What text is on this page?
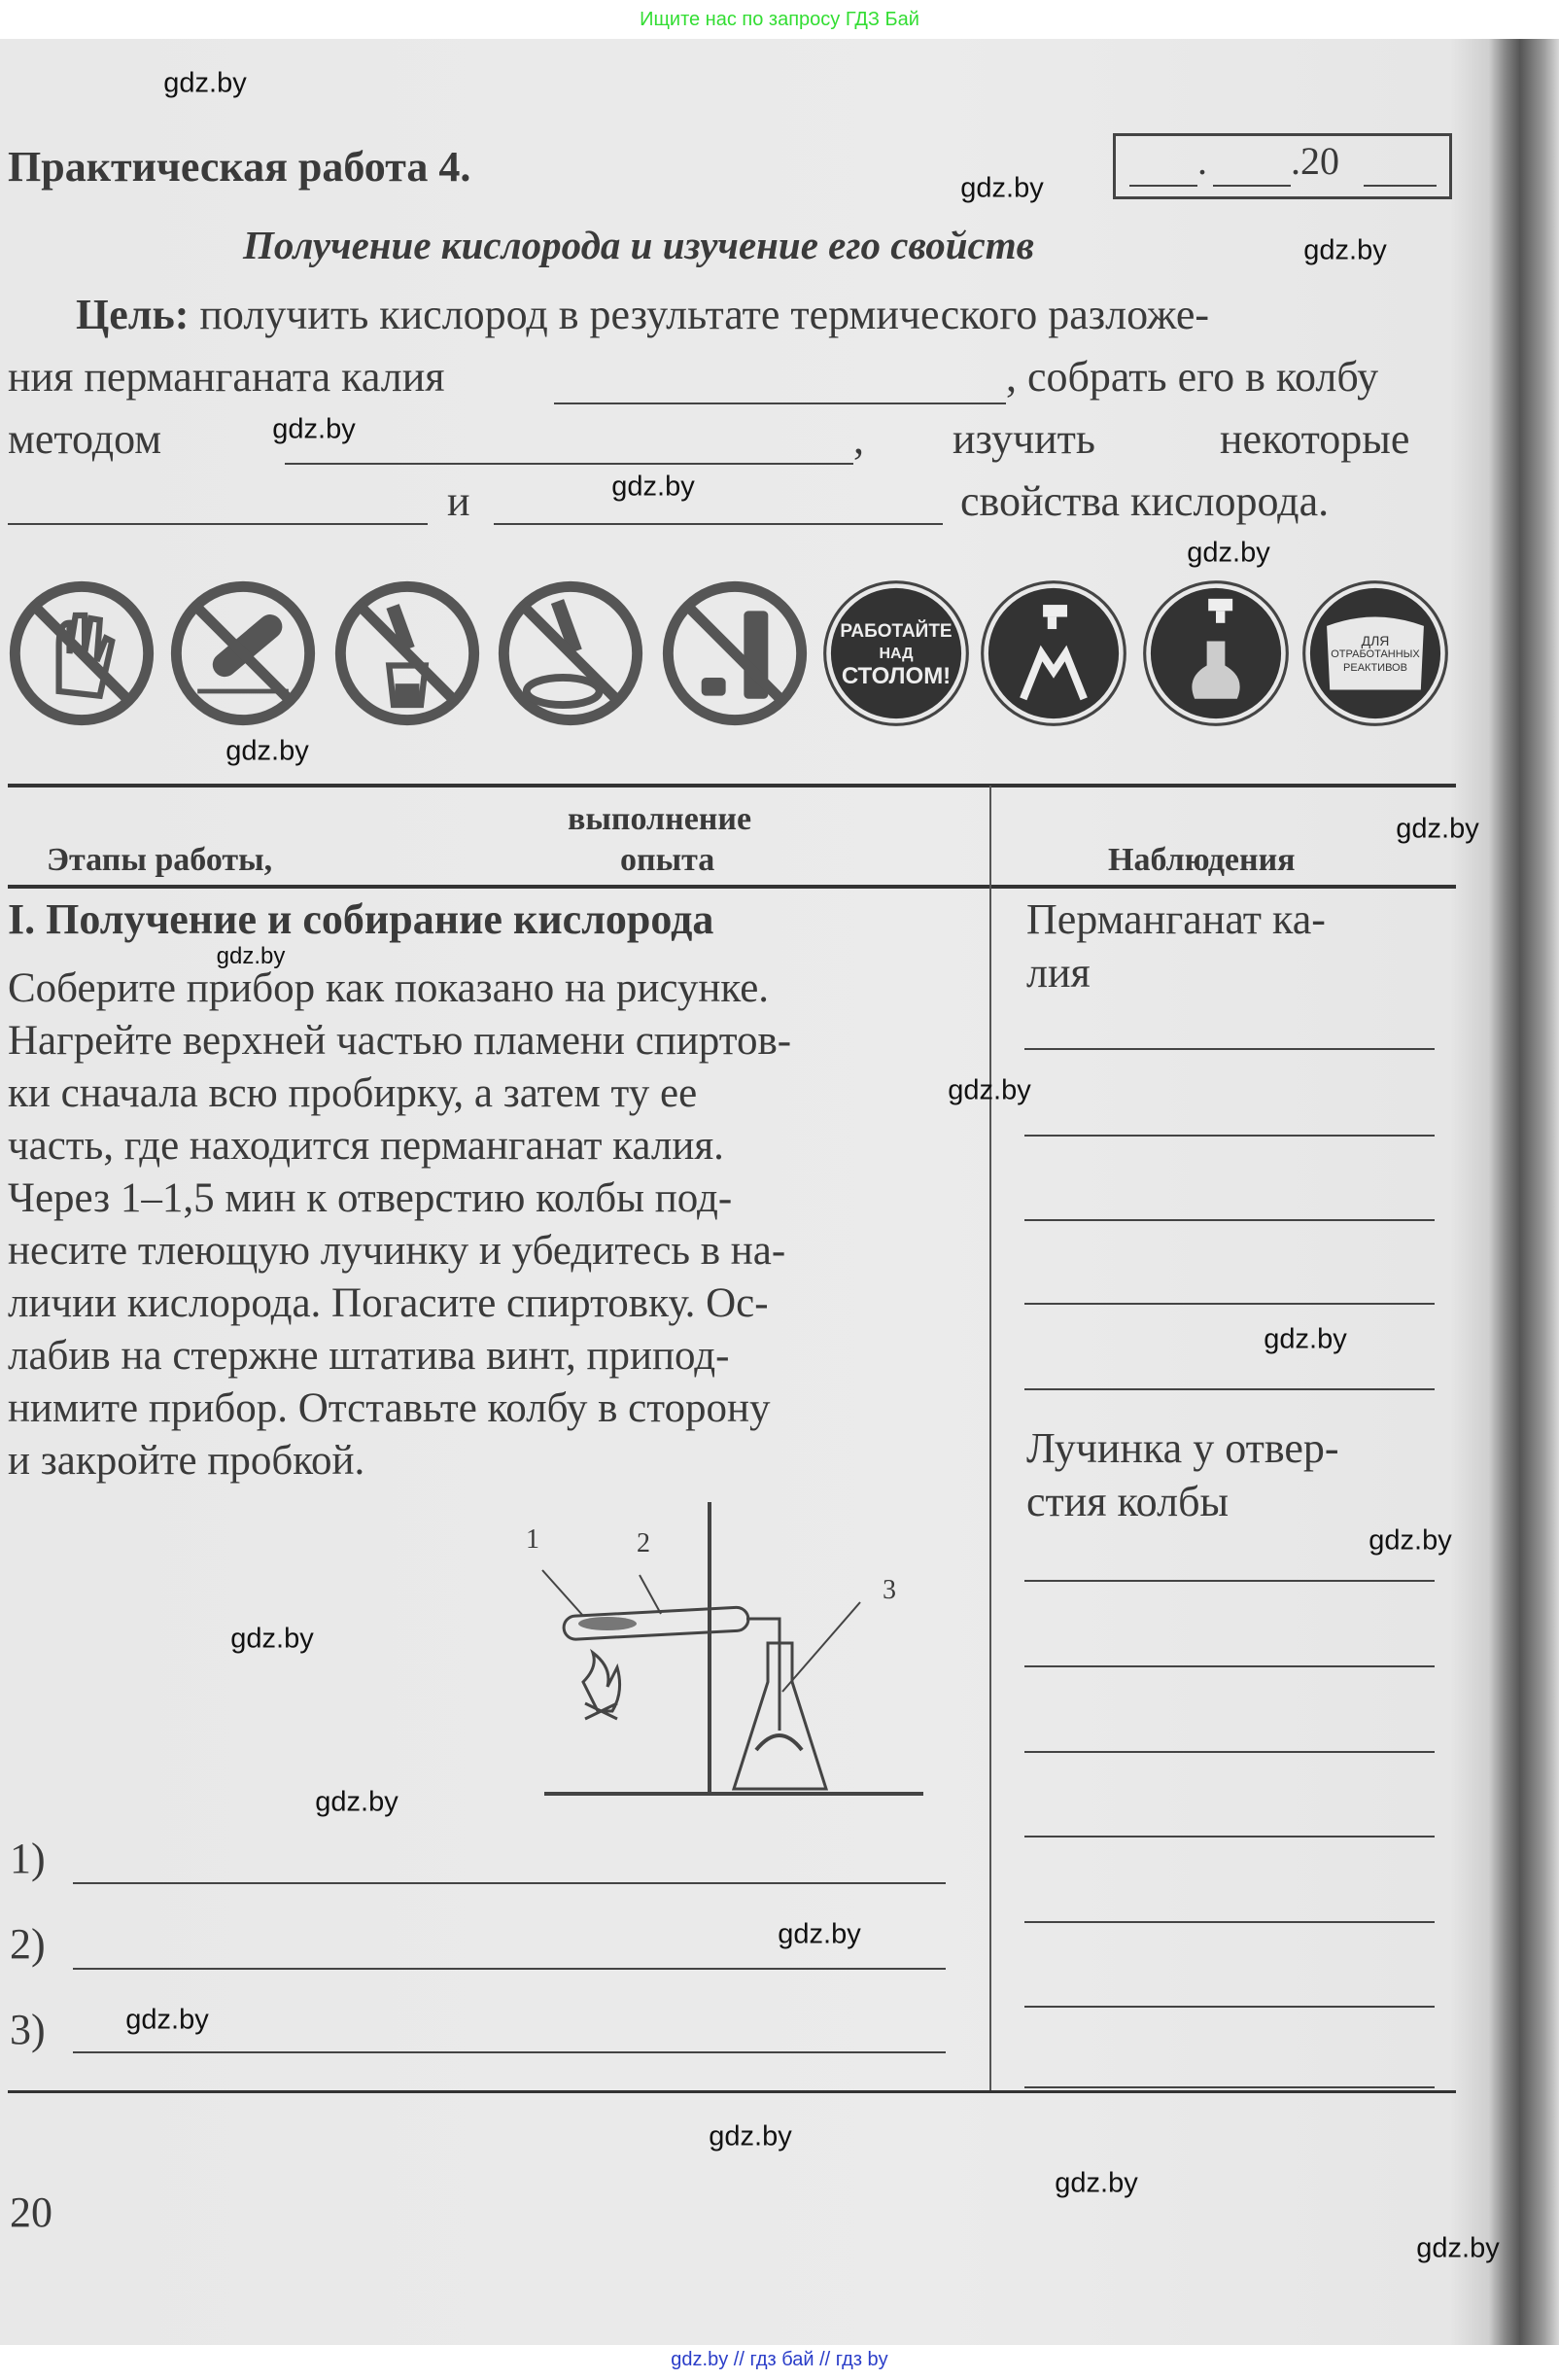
Ищите нас по запросу ГДЗ Бай
Практическая работа 4.	. .20
Получение кислорода и изучение его свойств
Цель: получить кислород в результате термического разложе-
ния перманганата калия	, собрать его в колбу
методом	, изучить	некоторые
и	свойства кислорода.
РАБОТАЙТЕ
НАД
СТОЛОМ!
ДЛЯ
ОТРАБОТАННЫХ
РЕАКТИВОВ
Этапы работы,
выполнение
опыта	Наблюдения
I. Получение и собирание кислорода
Соберите прибор как показано на рисунке.
Нагрейте верхней частью пламени спиртов-
ки сначала всю пробирку, а затем ту ее
часть, где находится перманганат калия.
Через 1–1,5 мин к отверстию колбы под-
несите тлеющую лучинку и убедитесь в на-
личии кислорода. Погасите спиртовку. Ос-
лабив на стержне штатива винт, припод-
нимите прибор. Отставьте колбу в сторону
и закройте пробкой.
1	2
3
1)
2)
3)
Перманганат ка-
лия
Лучинка у отвер-
стия колбы
20
gdz.by
gdz.by
gdz.by
gdz.by
gdz.by
gdz.by
gdz.by
gdz.by
gdz.by
gdz.by
gdz.by
gdz.by
gdz.by
gdz.by
gdz.by
gdz.by
gdz.by
gdz.by
gdz.by
gdz.by // гдз бай // гдз by
